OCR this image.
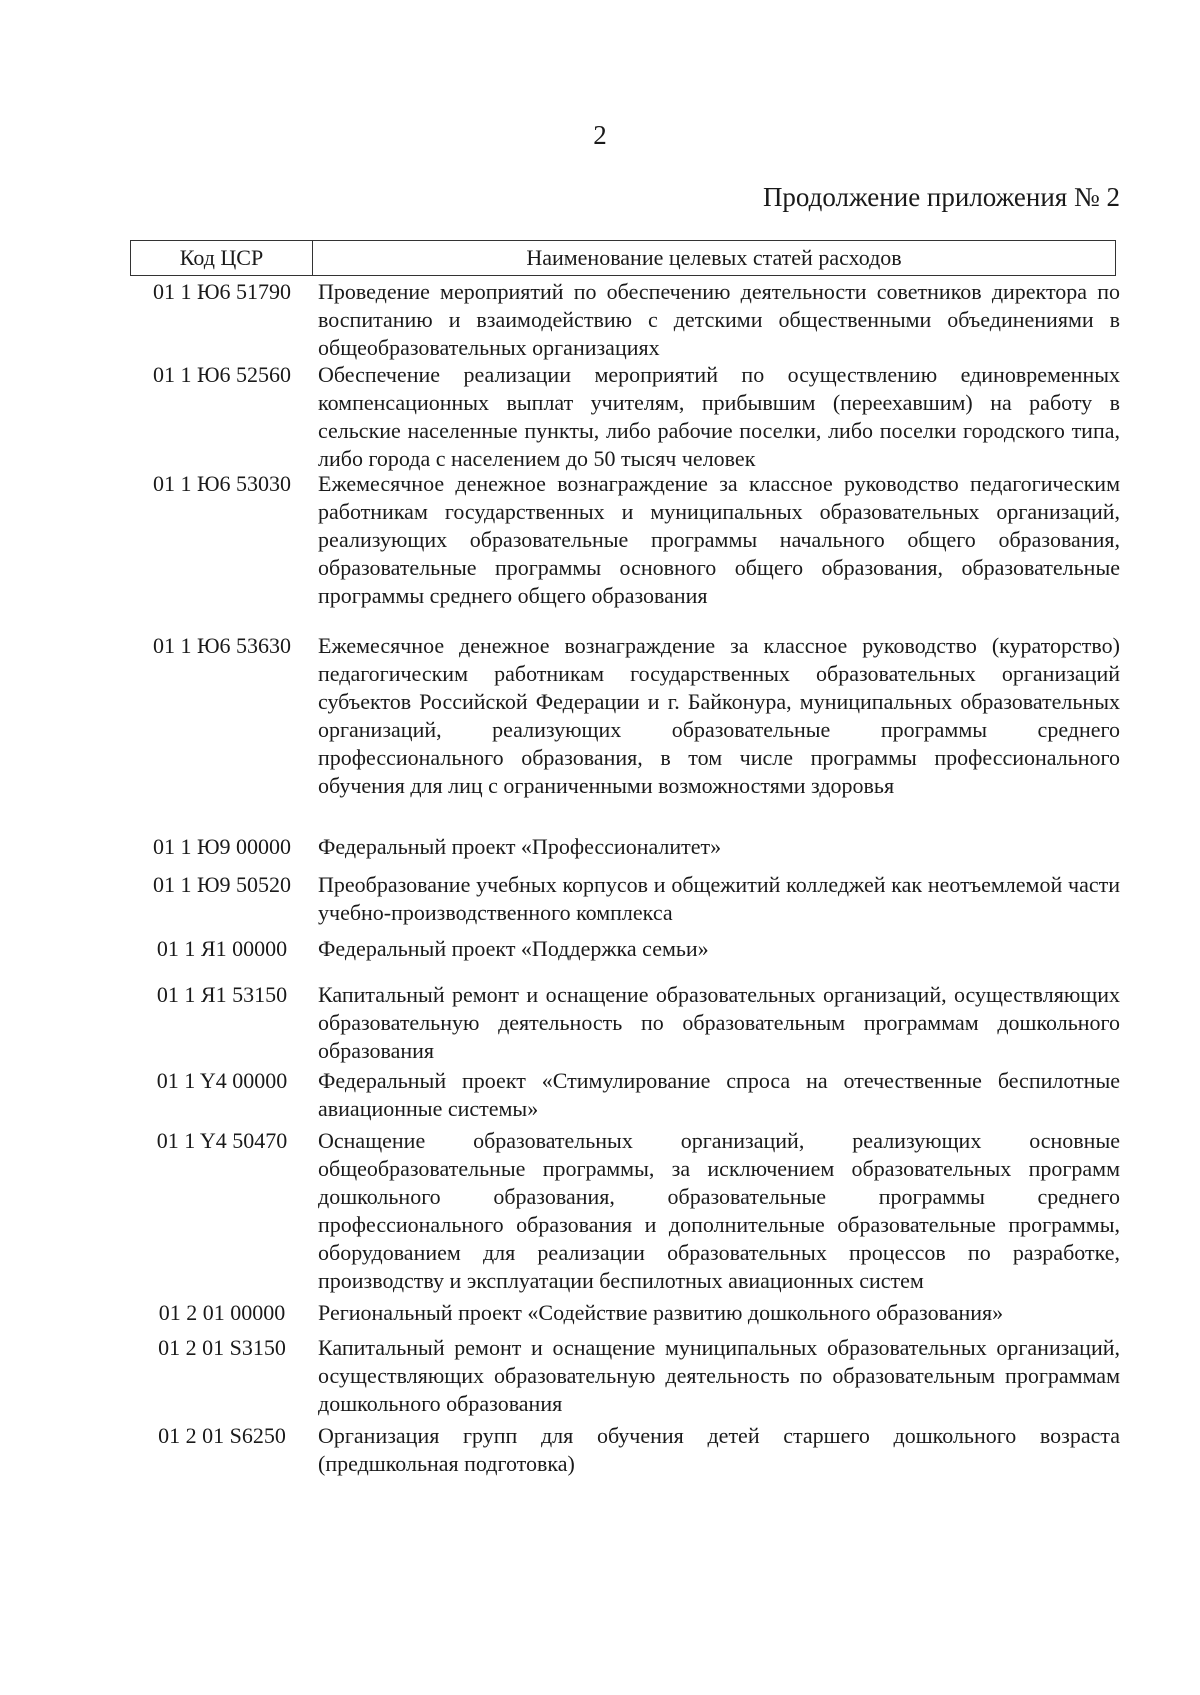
2
Продолжение приложения № 2
Код ЦСР	Наименование целевых статей расходов
01 1 Ю6 51790	Проведение мероприятий по обеспечению деятельности советников директора по воспитанию и взаимодействию с детскими общественными объединениями в общеобразовательных организациях
01 1 Ю6 52560	Обеспечение реализации мероприятий по осуществлению единовременных компенсационных выплат учителям, прибывшим (переехавшим) на работу в сельские населенные пункты, либо рабочие поселки, либо поселки городского типа, либо города с населением до 50 тысяч человек
01 1 Ю6 53030	Ежемесячное денежное вознаграждение за классное руководство педагогическим работникам государственных и муниципальных образовательных организаций, реализующих образовательные программы начального общего образования, образовательные программы основного общего образования, образовательные программы среднего общего образования
01 1 Ю6 53630	Ежемесячное денежное вознаграждение за классное руководство (кураторство) педагогическим работникам государственных образовательных организаций субъектов Российской Федерации и г. Байконура, муниципальных образовательных организаций, реализующих образовательные программы среднего профессионального образования, в том числе программы профессионального обучения для лиц с ограниченными возможностями здоровья
01 1 Ю9 00000	Федеральный проект «Профессионалитет»
01 1 Ю9 50520	Преобразование учебных корпусов и общежитий колледжей как неотъемлемой части учебно-производственного комплекса
01 1 Я1 00000	Федеральный проект «Поддержка семьи»
01 1 Я1 53150	Капитальный ремонт и оснащение образовательных организаций, осуществляющих образовательную деятельность по образовательным программам дошкольного образования
01 1 Y4 00000	Федеральный проект «Стимулирование спроса на отечественные беспилотные авиационные системы»
01 1 Y4 50470	Оснащение образовательных организаций, реализующих основные общеобразовательные программы, за исключением образовательных программ дошкольного образования, образовательные программы среднего профессионального образования и дополнительные образовательные программы, оборудованием для реализации образовательных процессов по разработке, производству и эксплуатации беспилотных авиационных систем
01 2 01 00000	Региональный проект «Содействие развитию дошкольного образования»
01 2 01 S3150	Капитальный ремонт и оснащение муниципальных образовательных организаций, осуществляющих образовательную деятельность по образовательным программам дошкольного образования
01 2 01 S6250	Организация групп для обучения детей старшего дошкольного возраста (предшкольная подготовка)
